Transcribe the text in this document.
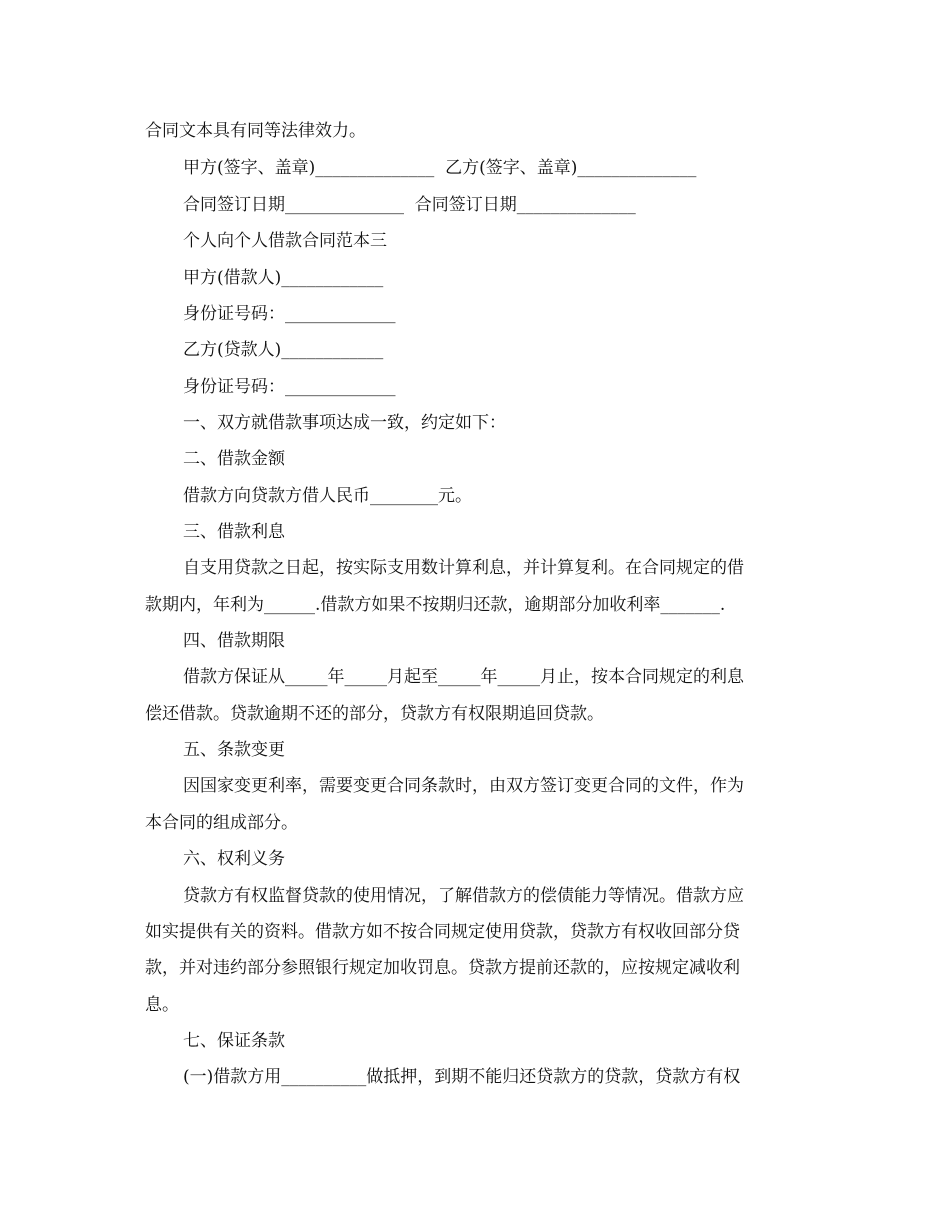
合同文本具有同等法律效力。
甲方(签字、盖章)______________  乙方(签字、盖章)______________
合同签订日期______________  合同签订日期______________
个人向个人借款合同范本三
甲方(借款人)____________
身份证号码：_____________
乙方(贷款人)____________
身份证号码：_____________
一、双方就借款事项达成一致，约定如下：
二、借款金额
借款方向贷款方借人民币________元。
三、借款利息
自支用贷款之日起，按实际支用数计算利息，并计算复利。在合同规定的借
款期内，年利为______.借款方如果不按期归还款，逾期部分加收利率_______.
四、借款期限
借款方保证从_____年_____月起至_____年_____月止，按本合同规定的利息
偿还借款。贷款逾期不还的部分，贷款方有权限期追回贷款。
五、条款变更
因国家变更利率，需要变更合同条款时，由双方签订变更合同的文件，作为
本合同的组成部分。
六、权利义务
贷款方有权监督贷款的使用情况，了解借款方的偿债能力等情况。借款方应
如实提供有关的资料。借款方如不按合同规定使用贷款，贷款方有权收回部分贷
款，并对违约部分参照银行规定加收罚息。贷款方提前还款的，应按规定减收利
息。
七、保证条款
(一)借款方用__________做抵押，到期不能归还贷款方的贷款，贷款方有权
